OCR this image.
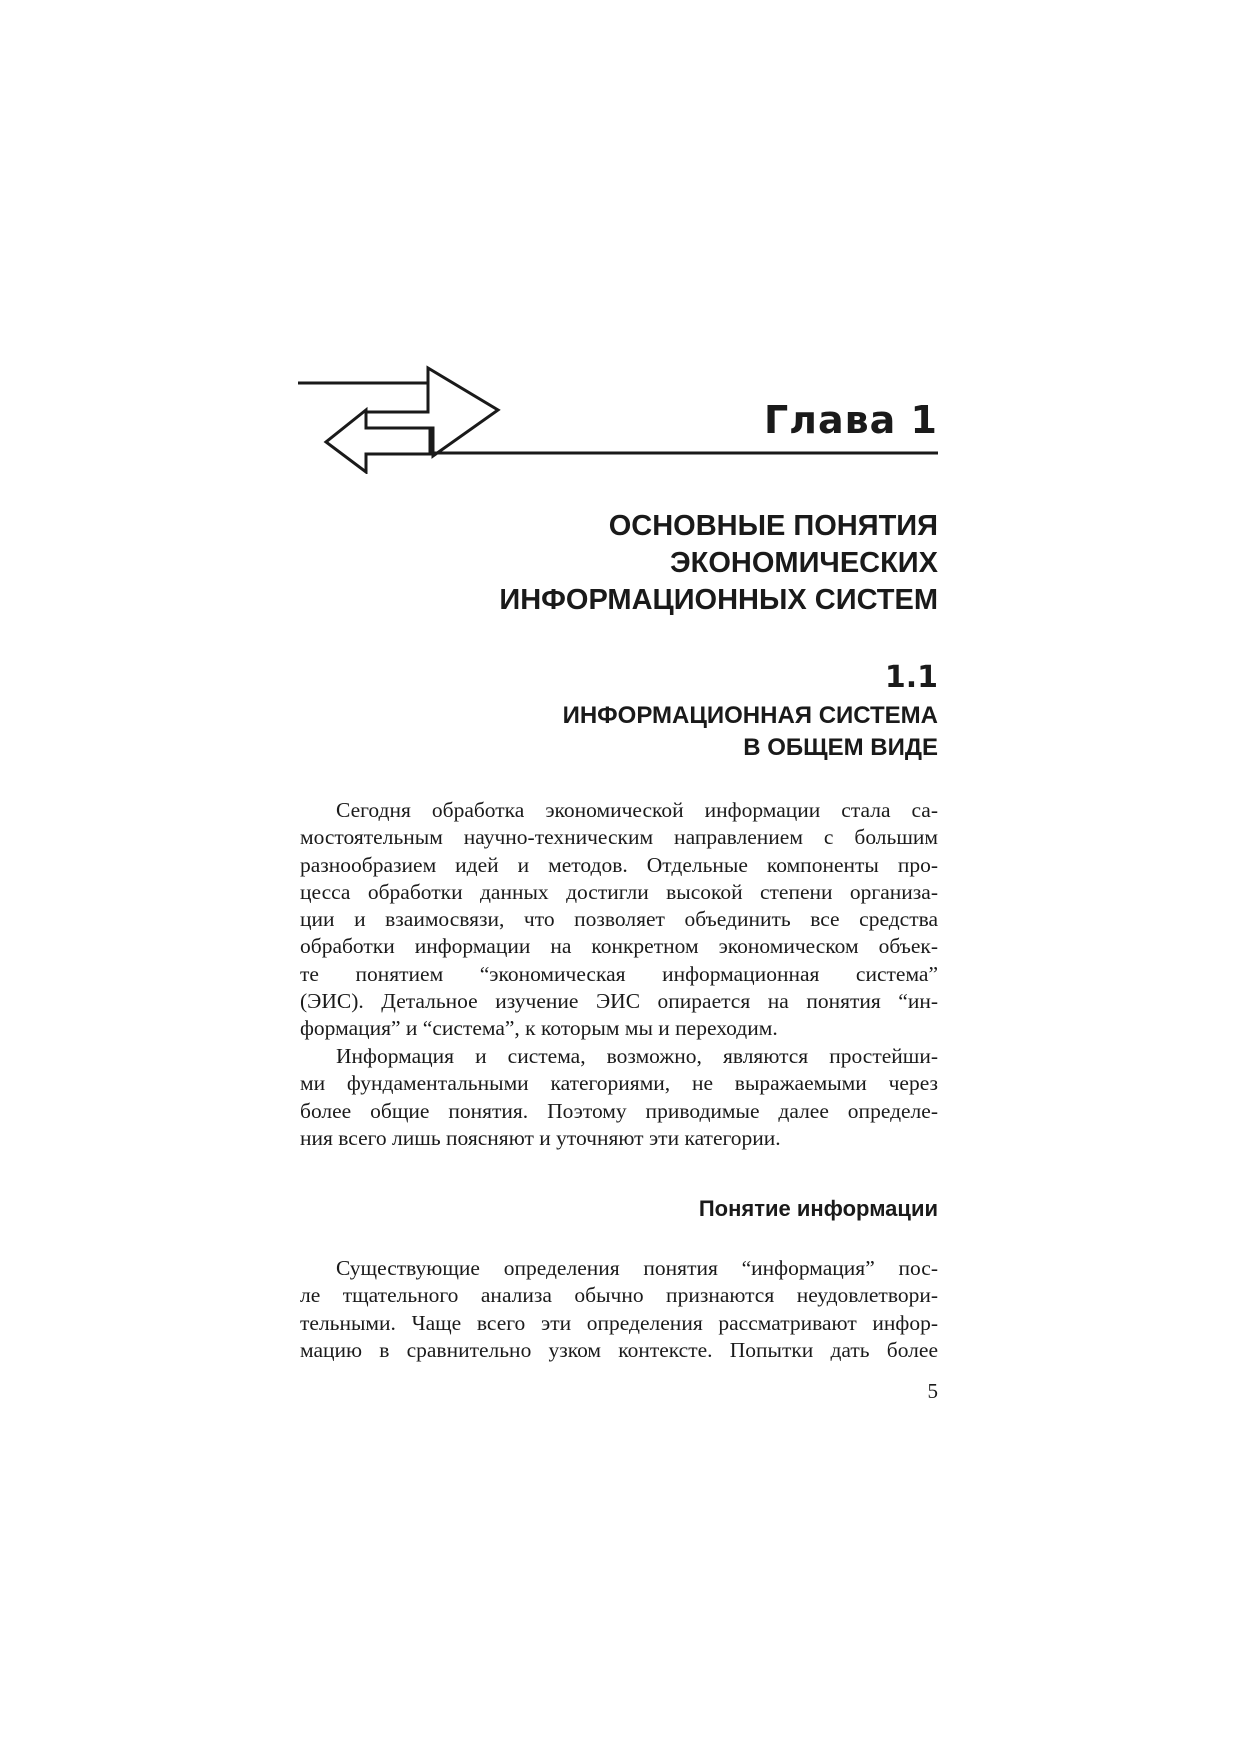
Глава 1
ОСНОВНЫЕ ПОНЯТИЯ
ЭКОНОМИЧЕСКИХ
ИНФОРМАЦИОННЫХ СИСТЕМ
1.1
ИНФОРМАЦИОННАЯ СИСТЕМА
В ОБЩЕМ ВИДЕ
Сегодня обработка экономической информации стала са-
мостоятельным научно-техническим направлением с большим
разнообразием идей и методов. Отдельные компоненты про-
цесса обработки данных достигли высокой степени организа-
ции и взаимосвязи, что позволяет объединить все средства
обработки информации на конкретном экономическом объек-
те понятием “экономическая информационная система”
(ЭИС). Детальное изучение ЭИС опирается на понятия “ин-
формация” и “система”, к которым мы и переходим.
Информация и система, возможно, являются простейши-
ми фундаментальными категориями, не выражаемыми через
более общие понятия. Поэтому приводимые далее определе-
ния всего лишь поясняют и уточняют эти категории.
Понятие информации
Существующие определения понятия “информация” пос-
ле тщательного анализа обычно признаются неудовлетвори-
тельными. Чаще всего эти определения рассматривают инфор-
мацию в сравнительно узком контексте. Попытки дать более
5
